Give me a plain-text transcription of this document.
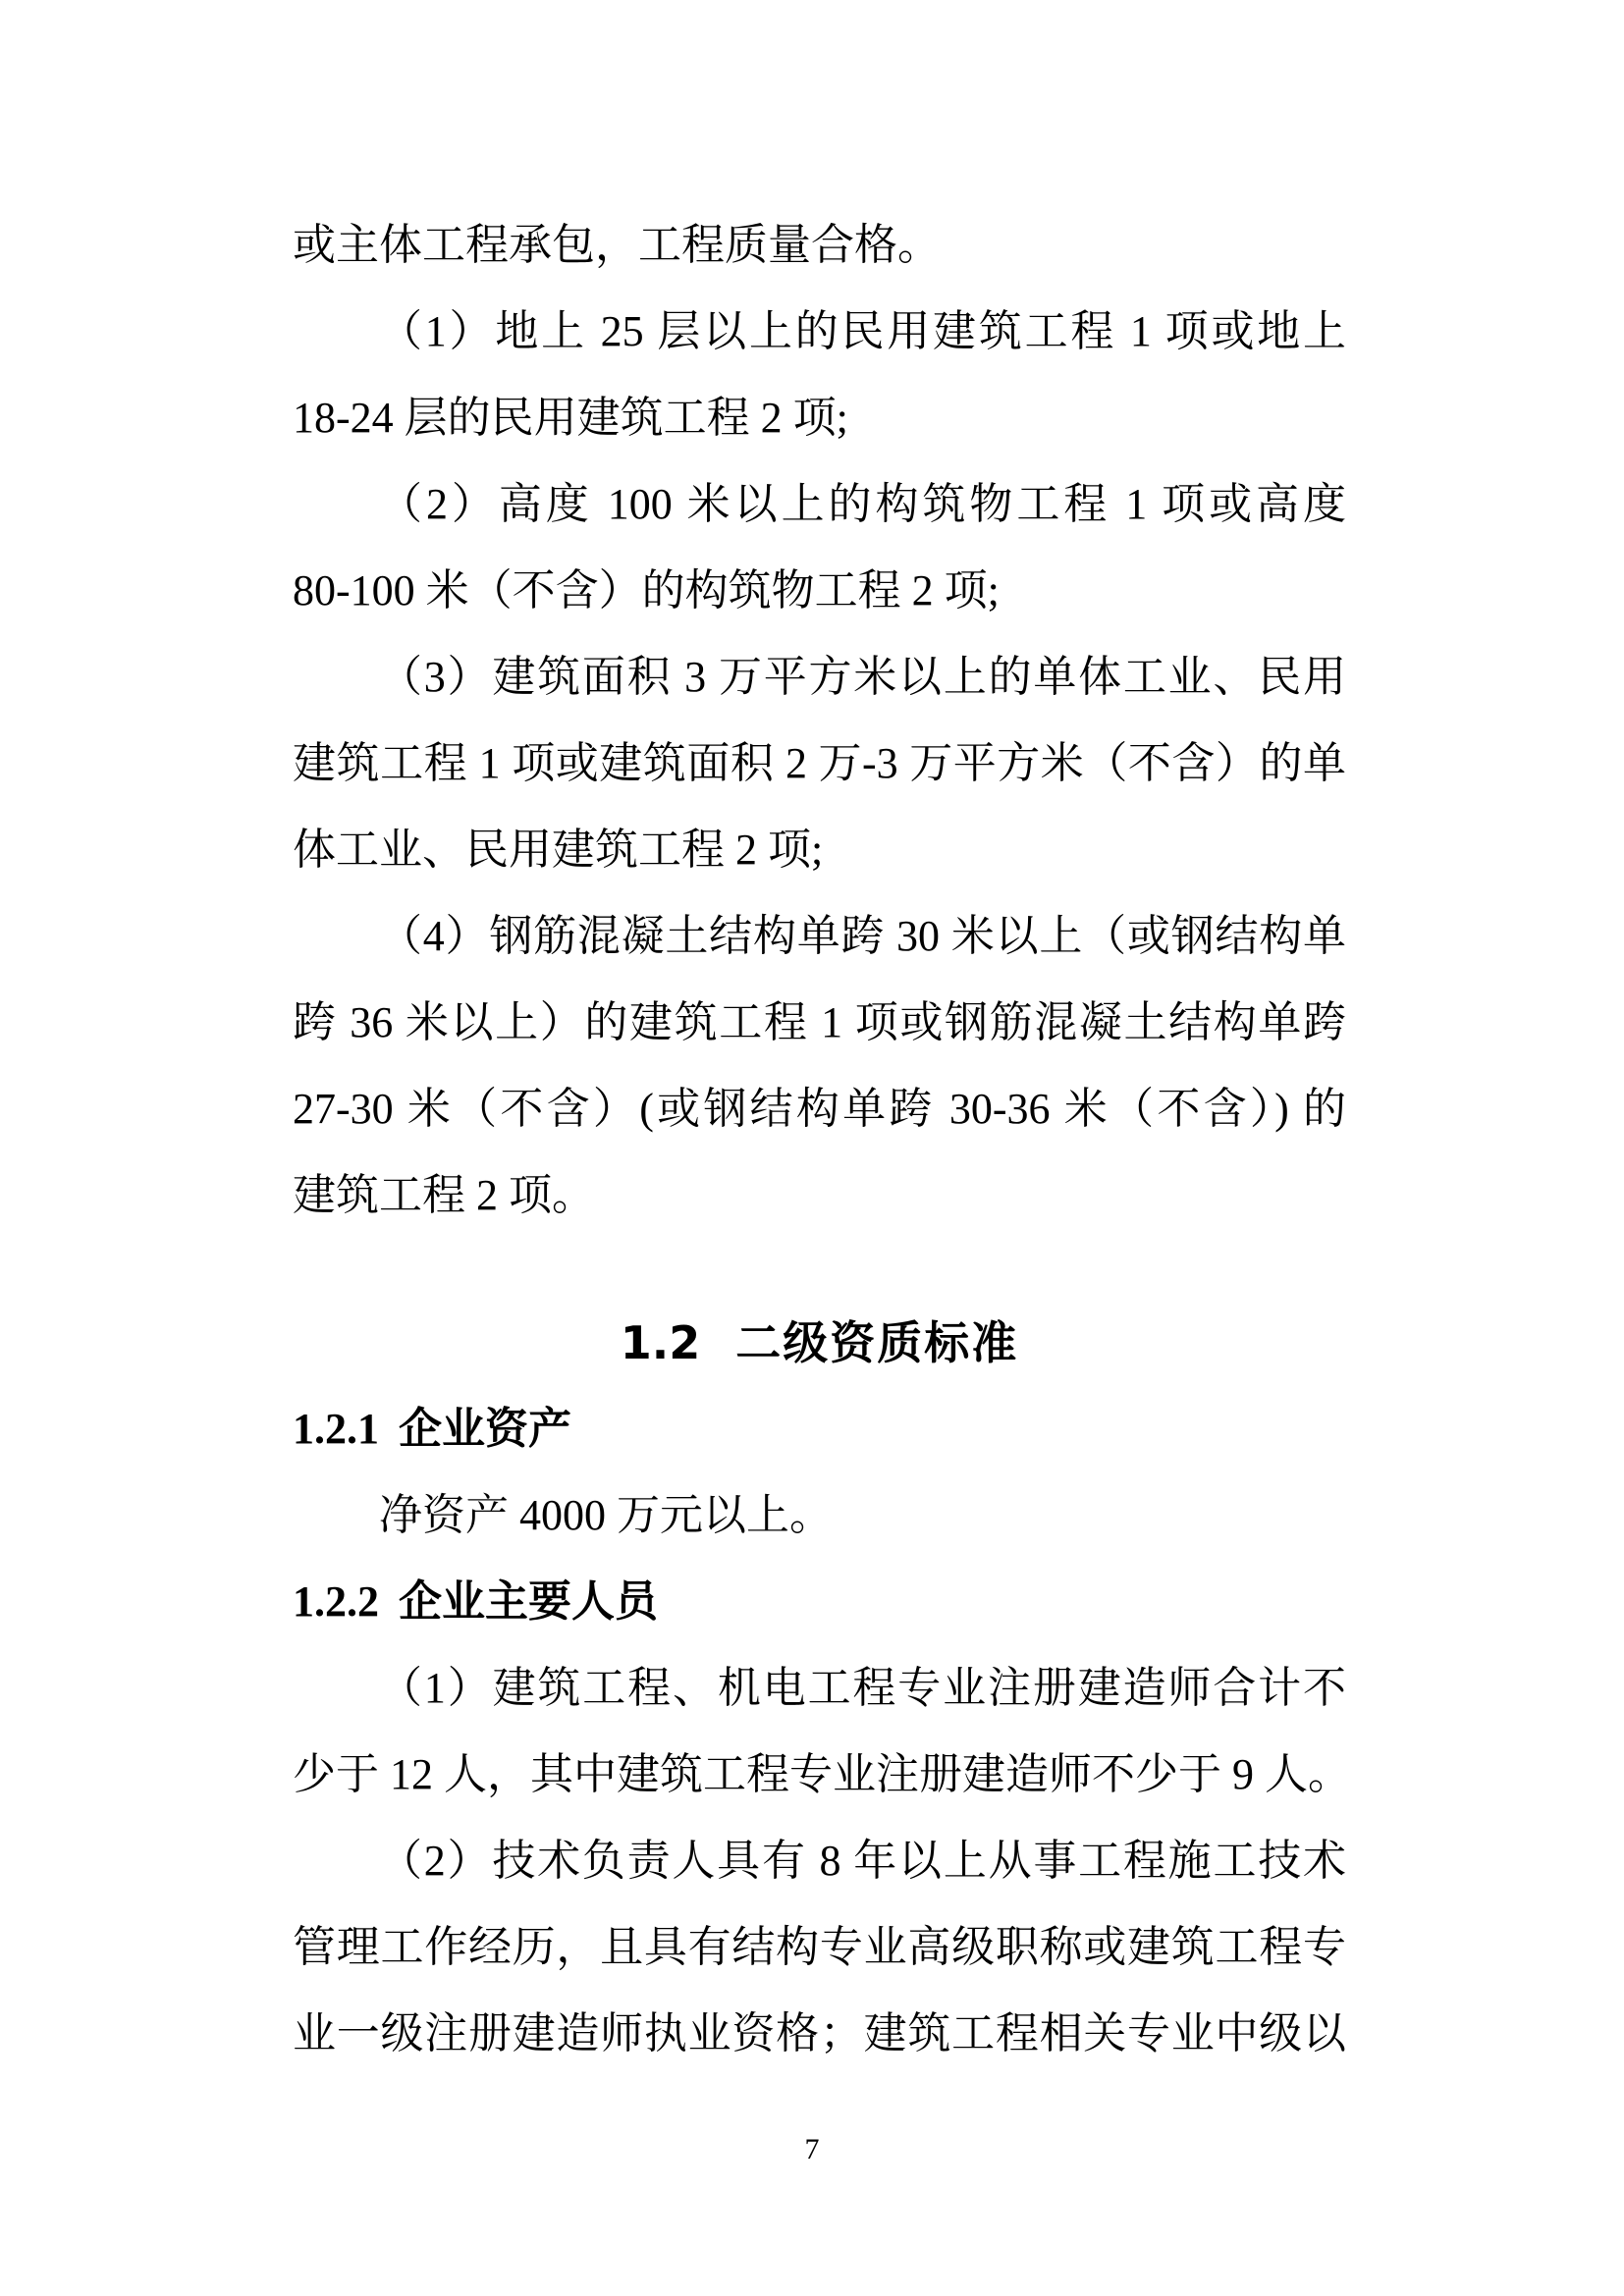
或主体工程承包，工程质量合格。
（1）地上 25 层以上的民用建筑工程 1 项或地上
18-24 层的民用建筑工程 2 项;
（2）高度 100 米以上的构筑物工程 1 项或高度
80-100 米（不含）的构筑物工程 2 项;
（3）建筑面积 3 万平方米以上的单体工业、民用
建筑工程 1 项或建筑面积 2 万-3 万平方米（不含）的单
体工业、民用建筑工程 2 项;
（4）钢筋混凝土结构单跨 30 米以上（或钢结构单
跨 36 米以上）的建筑工程 1 项或钢筋混凝土结构单跨
27-30 米（不含）(或钢结构单跨 30-36 米（不含）) 的
建筑工程 2 项。
1.2 二级资质标准
1.2.1 企业资产
净资产 4000 万元以上。
1.2.2 企业主要人员
（1）建筑工程、机电工程专业注册建造师合计不
少于 12 人，其中建筑工程专业注册建造师不少于 9 人。
（2）技术负责人具有 8 年以上从事工程施工技术
管理工作经历，且具有结构专业高级职称或建筑工程专
业一级注册建造师执业资格；建筑工程相关专业中级以
7
